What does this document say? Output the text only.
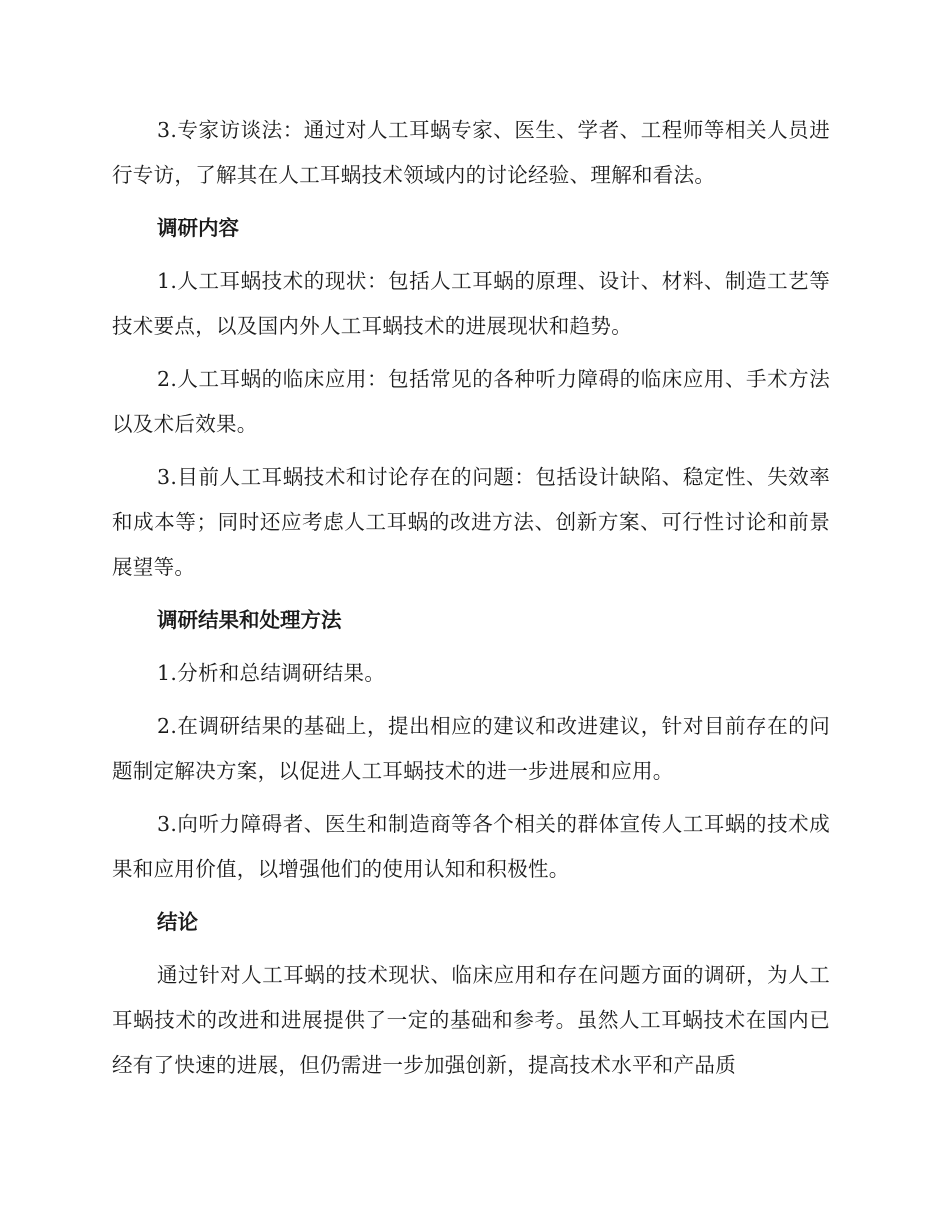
3.专家访谈法：通过对人工耳蜗专家、医生、学者、工程师等相关人员进行专访，了解其在人工耳蜗技术领域内的讨论经验、理解和看法。

调研内容

1.人工耳蜗技术的现状：包括人工耳蜗的原理、设计、材料、制造工艺等技术要点，以及国内外人工耳蜗技术的进展现状和趋势。

2.人工耳蜗的临床应用：包括常见的各种听力障碍的临床应用、手术方法以及术后效果。

3.目前人工耳蜗技术和讨论存在的问题：包括设计缺陷、稳定性、失效率和成本等；同时还应考虑人工耳蜗的改进方法、创新方案、可行性讨论和前景展望等。

调研结果和处理方法

1.分析和总结调研结果。

2.在调研结果的基础上，提出相应的建议和改进建议，针对目前存在的问题制定解决方案，以促进人工耳蜗技术的进一步进展和应用。

3.向听力障碍者、医生和制造商等各个相关的群体宣传人工耳蜗的技术成果和应用价值，以增强他们的使用认知和积极性。

结论

通过针对人工耳蜗的技术现状、临床应用和存在问题方面的调研，为人工耳蜗技术的改进和进展提供了一定的基础和参考。虽然人工耳蜗技术在国内已经有了快速的进展，但仍需进一步加强创新，提高技术水平和产品质
